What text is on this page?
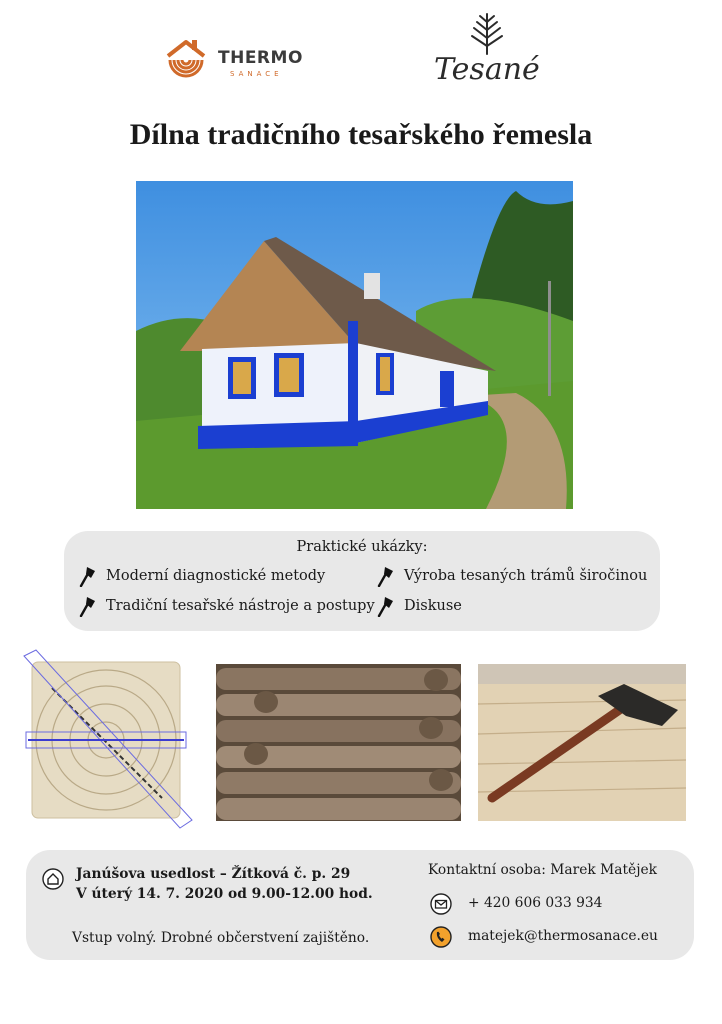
THERMO
SANACE	Tesané
Dílna tradičního tesařského řemesla
Praktické ukázky:
Moderní diagnostické metody	Výroba tesaných trámů širočinou
Tradiční tesařské nástroje a postupy Diskuse
Janúšova usedlost – Žítková č. p. 29
V úterý 14. 7. 2020 od 9.00-12.00 hod.
Vstup volný. Drobné občerstvení zajištěno.
Kontaktní osoba: Marek Matějek
+ 420 606 033 934
matejek@thermosanace.eu
